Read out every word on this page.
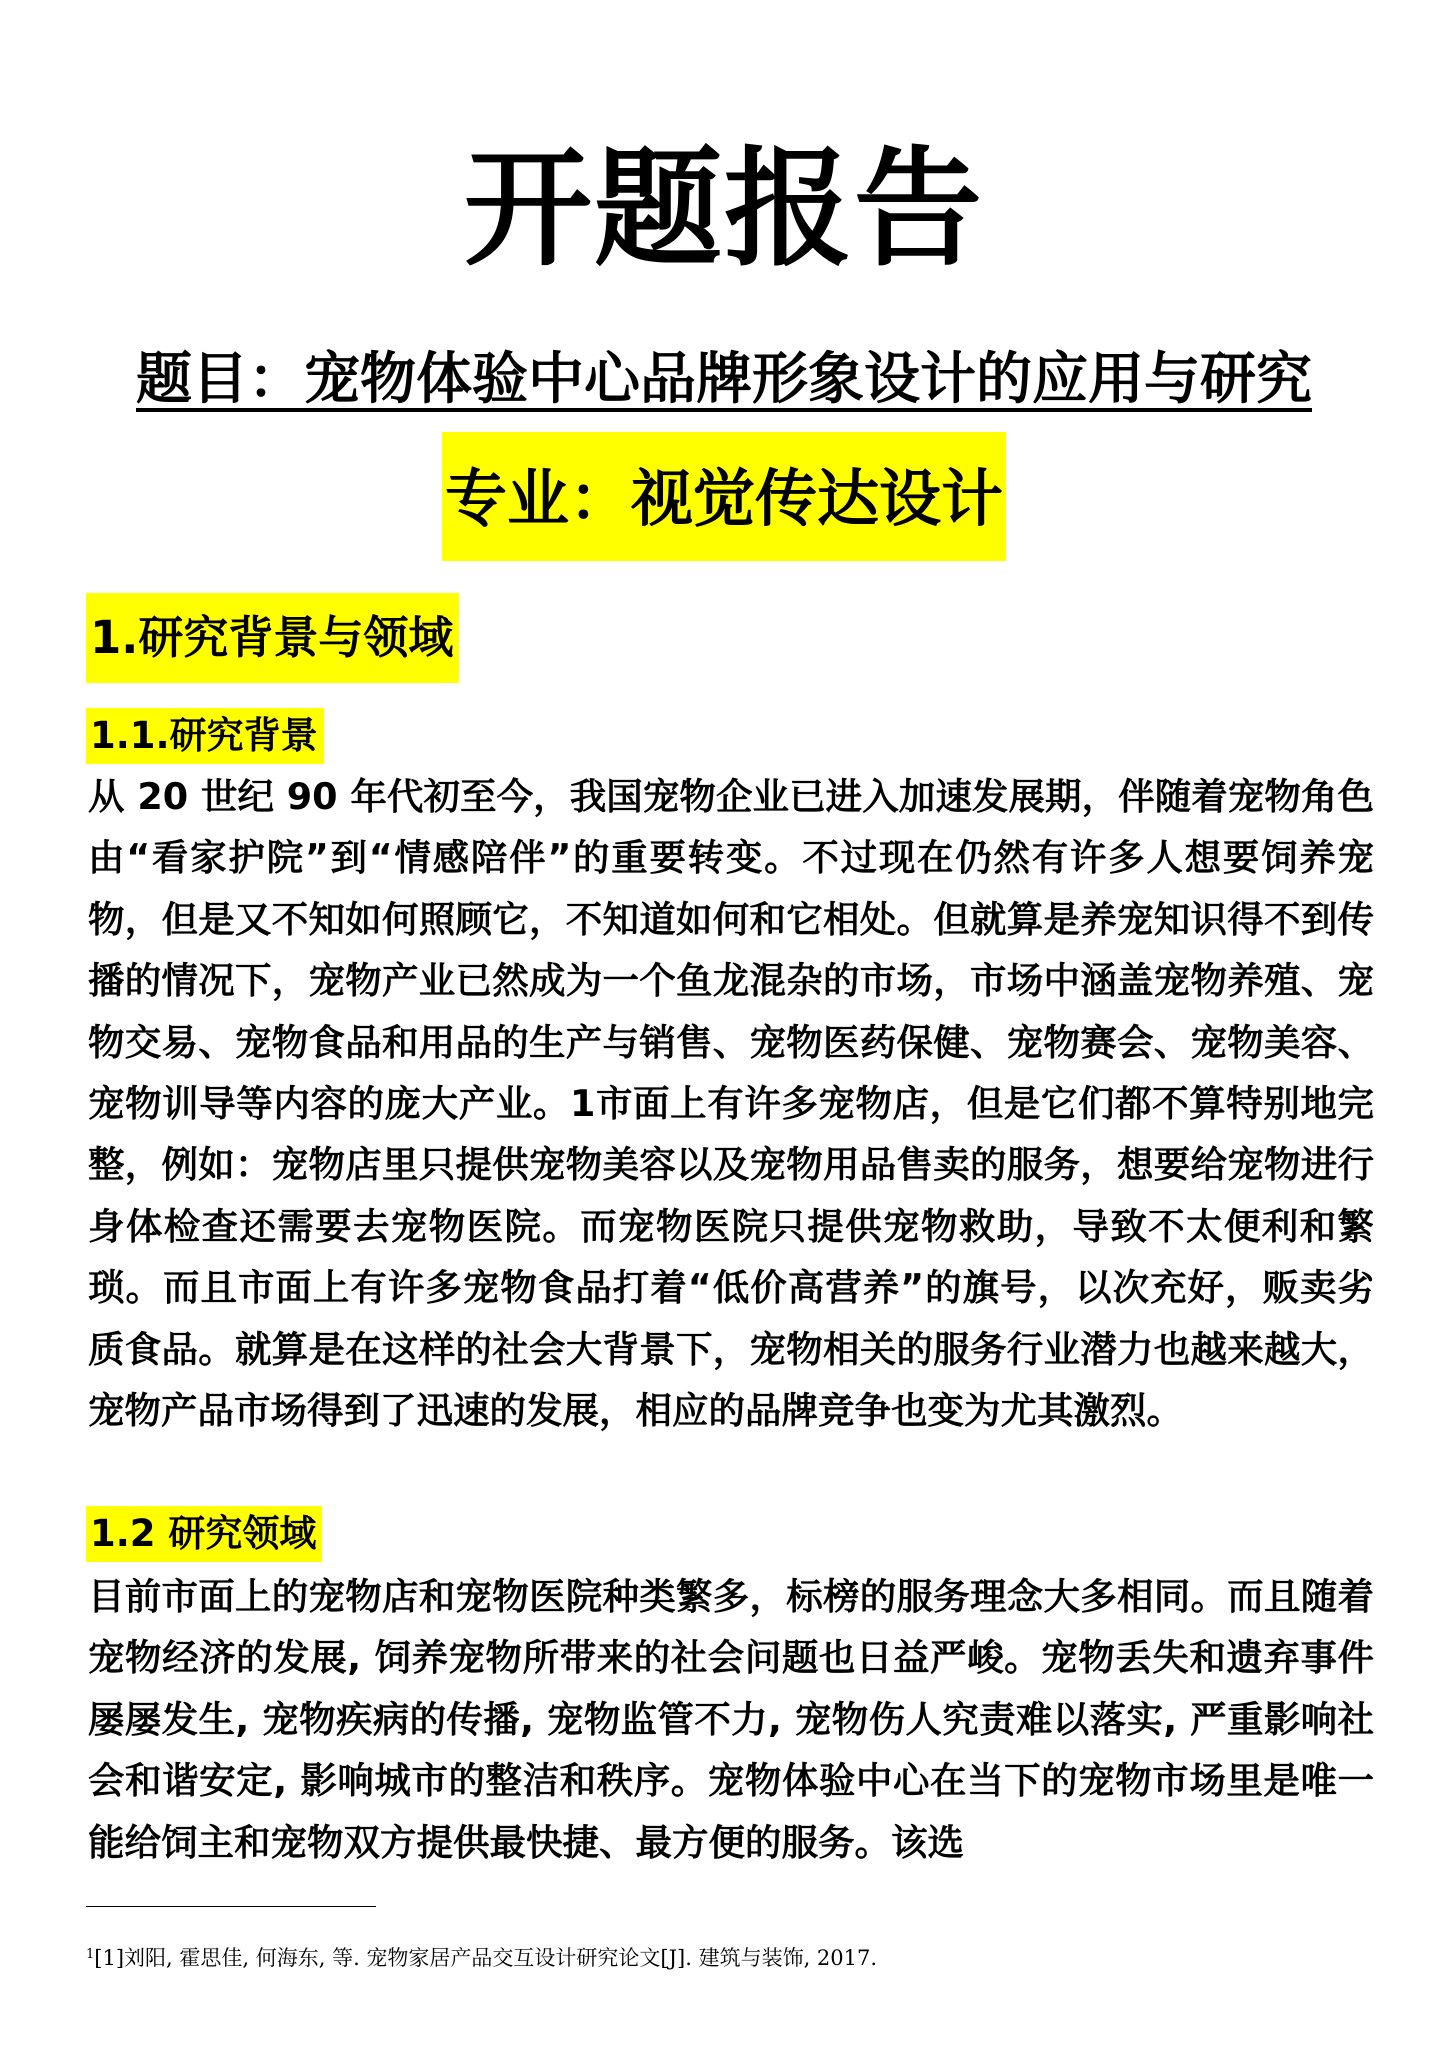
开题报告
题目：宠物体验中心品牌形象设计的应用与研究
专业：视觉传达设计
1.研究背景与领域
1.1.研究背景

从 20 世纪 90 年代初至今，我国宠物企业已进入加速发展期，伴随着宠物角色由“看家护院”到“情感陪伴”的重要转变。不过现在仍然有许多人想要饲养宠物，但是又不知如何照顾它，不知道如何和它相处。但就算是养宠知识得不到传播的情况下，宠物产业已然成为一个鱼龙混杂的市场，市场中涵盖宠物养殖、宠物交易、宠物食品和用品的生产与销售、宠物医药保健、宠物赛会、宠物美容、宠物训导等内容的庞大产业。1市面上有许多宠物店，但是它们都不算特别地完整，例如：宠物店里只提供宠物美容以及宠物用品售卖的服务，想要给宠物进行身体检查还需要去宠物医院。而宠物医院只提供宠物救助，导致不太便利和繁琐。而且市面上有许多宠物食品打着“低价高营养”的旗号，以次充好，贩卖劣质食品。就算是在这样的社会大背景下，宠物相关的服务行业潜力也越来越大，宠物产品市场得到了迅速的发展，相应的品牌竞争也变为尤其激烈。

1.2 研究领域

目前市面上的宠物店和宠物医院种类繁多，标榜的服务理念大多相同。而且随着宠物经济的发展, 饲养宠物所带来的社会问题也日益严峻。宠物丢失和遗弃事件屡屡发生, 宠物疾病的传播, 宠物监管不力, 宠物伤人究责难以落实, 严重影响社会和谐安定, 影响城市的整洁和秩序。宠物体验中心在当下的宠物市场里是唯一能给饲主和宠物双方提供最快捷、最方便的服务。该选

$^1$[1]刘阳, 霍思佳, 何海东, 等. 宠物家居产品交互设计研究论文[J]. 建筑与装饰, 2017.
